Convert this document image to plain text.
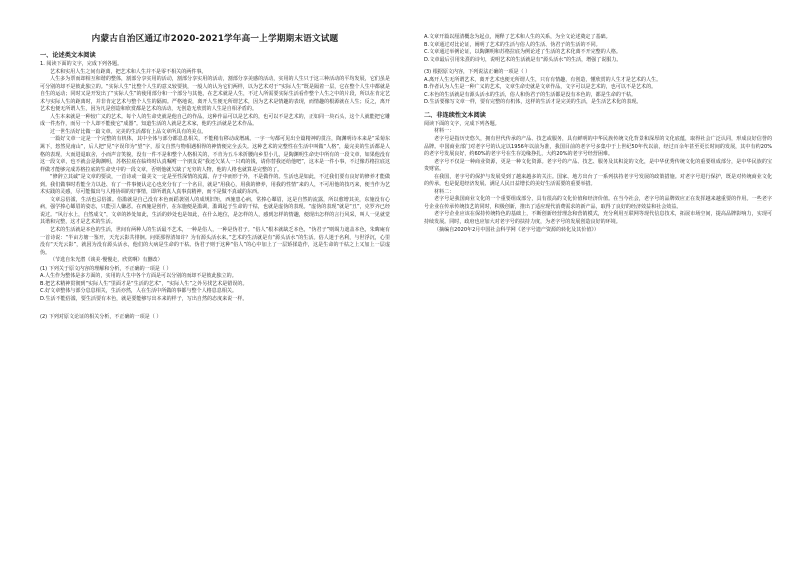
内蒙古自治区通辽市2020-2021学年高一上学期期末语文试题
一、论述类文本阅读

1. 阅读下面的文字，完成下列各题。

艺术和实用人生之间有距离，把艺术和人生并不是零不相关的两件事。

人生多为票而却相互和谐的整体，割部分享实用的活动，割部分享实用的活动，割部分享美感的活动，实用的人生只于这三种活动的平均发展，它们虽是可分别的却不是彼此独立的。“实际人生”比整个人生的意义较要狭，一般人的认为它们两样，以为艺术对于“实际人生”既是隔着一层，它在整个人生中都就是自生的运动；同时又是开发出了“实际人生”的使用部分和一个部分与其他，在艺术就是人生，不过人所需要实际生活看作整个人生之中的片段，所以在肯定艺术与实际人生的距离时，并非肯定艺术与整个人生的隔阂。严格地说，离开人生便无所谓艺术，因为艺术是情趣的表现，而情趣的根源就在人生；反之，离开艺术也便无所谓人生，因为凡是创造和欣赏都是艺术的活动，无创造无欣赏的人生是自相矛盾的。

人生本来就是一种较广义的艺术。每个人的生命史就是他自己的作品，这种作品可以是艺术的，也可以不是艺术的，正如同一块石头，这个人就能把它雕成一件杰作，而另一个人却不能使它“成器”。知道生活的人就是艺术家，他的生活就是艺术作品。

过一世生活好比做一篇文章。完美的生活都有上品文章所具有的美点。

一篇好文章一定是一个完整的有机体，其中全体与部分都息息相关，不能稍有移动或增减。一字一句都可见出全篇精神的贯注，陶渊明诗本来是“采菊东篱下，悠然见南山”，后人把“见”字误印为“望”字，原文自然与物相遇相得的神情便完全丢失。这种艺术的完整性在生活中叫做“人格”，最完美的生活都是人格的表现，大而进退取舍，小而声音笑貌，没有一件不是和整个人格相关的，不肯为五斗米折腰向乡里小儿，是陶渊明生命史中所有的一段文章，如果他没有这一段文章，也不就会是陶渊明，苏格拉底在临终时认真嘱咐一个朋友说“我还欠某人一只鸡的钱，请你替我还给他吧”，这本是一件小事，不过像苏格拉底这样做才能够完成苏格拉底的生命史中的一段文章，否则他就欠缺了无穷的人物，他的人格也就算是完整的了。

“修辞立其诚”是文章的要诀，一首诗或一篇美文一定是至性深情的流露，存于中而形于外，不是做作的。生活也是如此，不过我们要有良好的修养才能做到。我们做事时若能全力以赴、有了一件事便认定心也充分有了一个名目，就是“用我心，用我的修养，用我的性情”来的人，不可用他的技巧来，便当作为艺术实践的灵感，尽可能做出与人格协调的好事情，即所谓真人真事真精神，而不是做不真诚的东西。

文章忌俗滥，生活也忌俗滥。俗滥就是自己没有本色而蹈袭别人的成规旧矩，西施患心病，常捧心颦眉，这是自然的流露，所以愈增其美，东施没有心病，强学捧心颦眉的姿态，只能引人嫌恶。在西施是创作，在东施便是滥调，滥调起于生命的干枯，也就是虚伪的表现。“虚伪的表现”就是“丑”，克罗齐已经说过。“风行水上，自然成文”，文章的妙处如此，生活的妙处也是如此，在什么地位，是怎样的人，感到怎样的情趣，便现出怎样的言行风采，叫人一见就觉其谐和完整，这才是艺术的生活。

艺术的生活就是本色的生活，世间有两种人的生活最不艺术，一种是俗人，一种是伪君子。“俗人”根本就缺乏本色，“伪君子”则竭力遮盖本色，朱晦庵有一首诗说：“半亩方塘一鉴开，天光云影共徘徊。问渠那得清如许？为有源头活水来。”艺术的生活就是有“源头活水”的生活。俗人迷于名利，与世浮沉，心里没有“天光云影”，就因为没有源头活水，他们的大病是生命的干枯。伪君子则于这种“俗人”的心中加上了一层矫揉造作，这是生命的干枯之上又加上一层虚伪。

（节选自朱光潜《谈美·慢慢走，欣赏啊》有删改）

(1) 下列关于原文内容的理解和分析，不正确的一项是（ ）

A.人生作为整体是多方面的，实用的人生中各个方面是可以分别的而却不是彼此独立的。

B.把艺术精神贯彻到“实际人生”里面才是“生活的艺术”，“实际人生”之外另找艺术是错误的。

C.好文章整体与部分息息相关，生活亦然，人在生活中所做的事都与整个人格息息相关。

D.生活不能俗滥，要生活要有本色，就是要能够写出本来的样子，写出自然的态度来说一样。

(2) 下列对原文论证的相关分析，不正确的一项是（ ）

A.文章开篇以厘清概念为起点，阐释了艺术和人生的关系，为全文论述奠定了基础。

B.文章通过对比论证，阐明了艺术的生活与俗人的生活、伪君子的生活的不同。

C.文章通过举例论证，以陶渊明和苏格拉底为例论述了生活的艺术化离不开完整的人格。

D.文章最后引用朱熹的诗句，说明艺术的生活就是有“源头活水”的生活，增强了说服力。

(3) 根据原文内容，下列说法正确的一项是（ ）

A.离开人生无所谓艺术，离开艺术也便无所谓人生，只有有情趣，有创造，懂欣赏的人生才是艺术的人生。

B.作者认为人生是一种广义的艺术，文章生命史就是文章作品，文字可以是艺术的，也可以不是艺术的。

C.本色的生活就是有源头活水的生活，俗人和伪君子的生活都是没有本色的，都是生命的干枯。

D.生活要像写文章一样，要有完整的有机体，这样的生活才是完美的生活，是生活艺术化的表现。

二、非连续性文本阅读

阅读下面的文字，完成下列各题。

材料一：

老字号是指历史悠久，拥有世代传承的产品、技艺或服务，具有鲜明的中华民族传统文化背景和深厚的文化底蕴，取得社会广泛认同，形成良好信誉的品牌。中国商业部门对老字号的认定以1956年以前为准，我国目前的老字号多集中于上世纪50年代以前，经过百余年甚至更长时间的发展，其中有约20%的老字号发展良好，约60%的老字号在生存边缘挣扎，大约20%的老字号经营困难。

老字号不仅是一种商业资源，更是一种文化资源。老字号的产品、技艺、服务及其积淀的文化，是中华优秀传统文化的重要组成部分，是中华民族的宝贵财富。

在我国，老字号的保护与发展受到了越来越多的关注。国家、地方出台了一系列扶持老字号发展的政策措施。对老字号进行保护，既是对传统商业文化的传承，也是促进经济发展、满足人民日益增长的美好生活需要的重要举措。

材料二：

老字号是我国商业文化的一个重要组成部分，具有很高的文化价值和经济价值。在当今社会，老字号的品牌效应正在发挥越来越重要的作用。一些老字号企业在传承传统技艺的同时，积极创新，推出了适应现代消费需求的新产品，取得了良好的经济效益和社会效益。

老字号企业应该在保持传统特色的基础上，不断创新经营理念和营销模式，充分利用互联网等现代信息技术，拓展市场空间，提高品牌影响力，实现可持续发展。同时，政府也应加大对老字号的扶持力度，为老字号的发展创造良好的环境。

（摘编自2020年2月中国社会科学网《老字号遗产资源的转化及其价值》）
